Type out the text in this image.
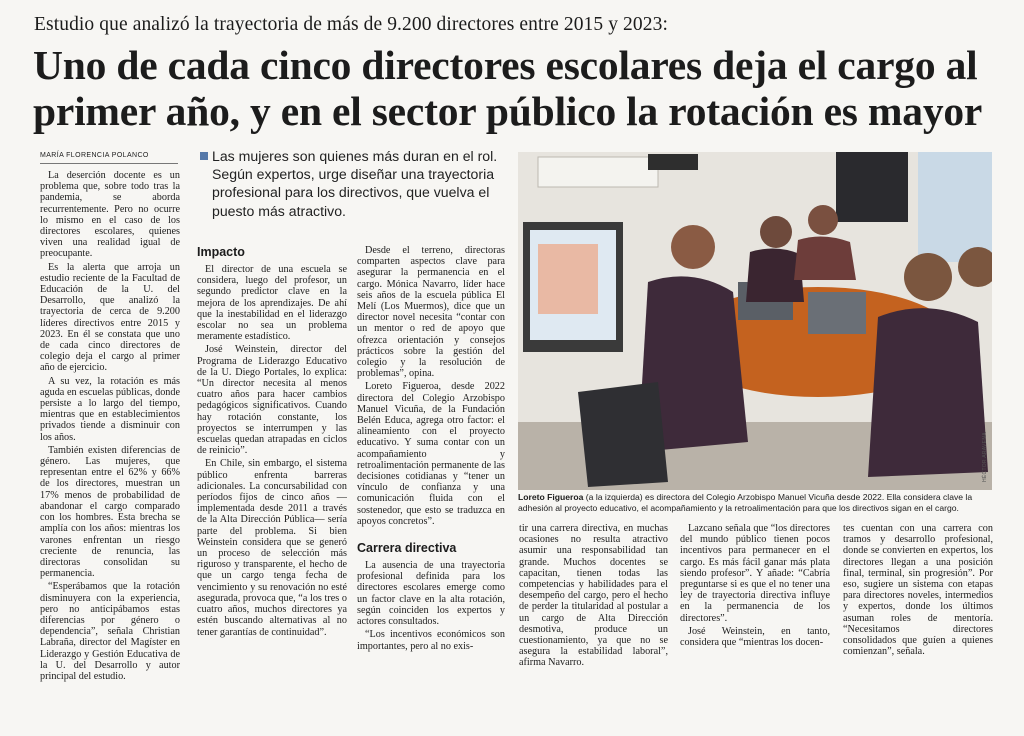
Estudio que analizó la trayectoria de más de 9.200 directores entre 2015 y 2023:
Uno de cada cinco directores escolares deja el cargo al
primer año, y en el sector público la rotación es mayor
MARÍA FLORENCIA POLANCO	Las mujeres son quienes más duran en el rol. Según expertos, urge diseñar una trayectoria profesional para los directivos, que vuelva el puesto más atractivo.

La deserción docente es un problema que, sobre todo tras la pandemia, se aborda recurrentemente. Pero no ocurre lo mismo en el caso de los directores escolares, quienes viven una realidad igual de preocupante.

Es la alerta que arroja un estudio reciente de la Facultad de Educación de la U. del Desarrollo, que analizó la trayectoria de cerca de 9.200 líderes directivos entre 2015 y 2023. En él se constata que uno de cada cinco directores de colegio deja el cargo al primer año de ejercicio.

A su vez, la rotación es más aguda en escuelas públicas, donde persiste a lo largo del tiempo, mientras que en establecimientos privados tiende a disminuir con los años.

También existen diferencias de género. Las mujeres, que representan entre el 62% y 66% de los directores, muestran un 17% menos de probabilidad de abandonar el cargo comparado con los hombres. Esta brecha se amplía con los años: mientras los varones enfrentan un riesgo creciente de renuncia, las directoras consolidan su permanencia.

“Esperábamos que la rotación disminuyera con la experiencia, pero no anticipábamos estas diferencias por género o dependencia”, señala Christian Labraña, director del Magíster en Liderazgo y Gestión Educativa de la U. del Desarrollo y autor principal del estudio.

Impacto

El director de una escuela se considera, luego del profesor, un segundo predictor clave en la mejora de los aprendizajes. De ahí que la inestabilidad en el liderazgo escolar no sea un problema meramente estadístico.

José Weinstein, director del Programa de Liderazgo Educativo de la U. Diego Portales, lo explica: “Un director necesita al menos cuatro años para hacer cambios pedagógicos significativos. Cuando hay rotación constante, los proyectos se interrumpen y las escuelas quedan atrapadas en ciclos de reinicio”.

En Chile, sin embargo, el sistema público enfrenta barreras adicionales. La concursabilidad con períodos fijos de cinco años —implementada desde 2011 a través de la Alta Dirección Pública— sería parte del problema. Si bien Weinstein considera que se generó un proceso de selección más riguroso y transparente, el hecho de que un cargo tenga fecha de vencimiento y su renovación no esté asegurada, provoca que, “a los tres o cuatro años, muchos directores ya estén buscando alternativas al no tener garantías de continuidad”.

Desde el terreno, directoras comparten aspectos clave para asegurar la permanencia en el cargo. Mónica Navarro, líder hace seis años de la escuela pública El Melí (Los Muermos), dice que un director novel necesita “contar con un mentor o red de apoyo que ofrezca orientación y consejos prácticos sobre la gestión del colegio y la resolución de problemas”, opina.

Loreto Figueroa, desde 2022 directora del Colegio Arzobispo Manuel Vicuña, de la Fundación Belén Educa, agrega otro factor: el alineamiento con el proyecto educativo. Y suma contar con un acompañamiento y retroalimentación permanente de las decisiones cotidianas y “tener un vínculo de confianza y una comunicación fluida con el sostenedor, que esto se traduzca en apoyos concretos”.

Carrera directiva

La ausencia de una trayectoria profesional definida para los directores escolares emerge como un factor clave en la alta rotación, según coinciden los expertos y actores consultados.

“Los incentivos económicos son importantes, pero al no exis-

HÉCTOR ARAVENA
Loreto Figueroa (a la izquierda) es directora del Colegio Arzobispo Manuel Vicuña desde 2022. Ella considera clave la adhesión al proyecto educativo, el acompañamiento y la retroalimentación para que los directivos sigan en el cargo.

tir una carrera directiva, en muchas ocasiones no resulta atractivo asumir una responsabilidad tan grande. Muchos docentes se capacitan, tienen todas las competencias y habilidades para el desempeño del cargo, pero el hecho de perder la titularidad al postular a un cargo de Alta Dirección desmotiva, produce un cuestionamiento, ya que no se asegura la estabilidad laboral”, afirma Navarro.

Lazcano señala que “los directores del mundo público tienen pocos incentivos para permanecer en el cargo. Es más fácil ganar más plata siendo profesor”. Y añade: “Cabría preguntarse si es que el no tener una ley de trayectoria directiva influye en la permanencia de los directores”.

José Weinstein, en tanto, considera que “mientras los docen-

tes cuentan con una carrera con tramos y desarrollo profesional, donde se convierten en expertos, los directores llegan a una posición final, terminal, sin progresión”. Por eso, sugiere un sistema con etapas para directores noveles, intermedios y expertos, donde los últimos asuman roles de mentoría. “Necesitamos directores consolidados que guíen a quienes comienzan”, señala.
